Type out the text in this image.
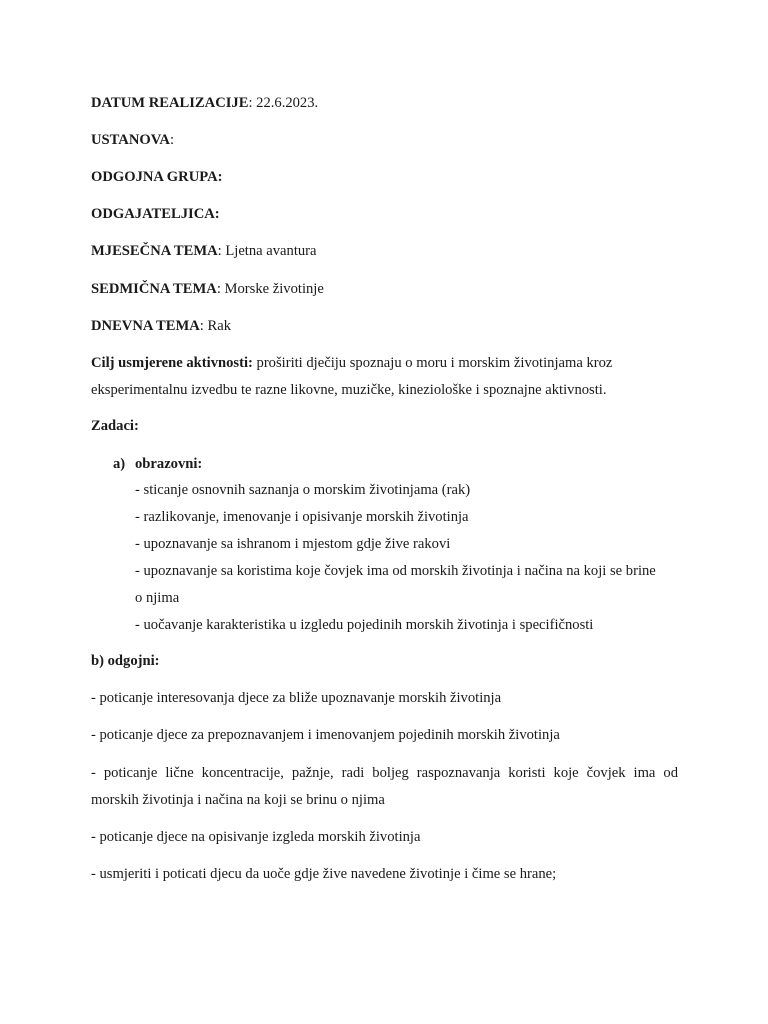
DATUM REALIZACIJE: 22.6.2023.
USTANOVA:
ODGOJNA GRUPA:
ODGAJATELJICA:
MJESEČNA TEMA: Ljetna avantura
SEDMIČNA TEMA: Morske životinje
DNEVNA TEMA: Rak
Cilj usmjerene aktivnosti: proširiti dječiju spoznaju o moru i morskim životinjama kroz
eksperimentalnu izvedbu te razne likovne, muzičke, kineziološke i spoznajne aktivnosti.
Zadaci:
a) obrazovni:
- sticanje osnovnih saznanja o morskim životinjama (rak)
- razlikovanje, imenovanje i opisivanje morskih životinja
- upoznavanje sa ishranom i mjestom gdje žive rakovi
- upoznavanje sa koristima koje čovjek ima od morskih životinja i načina na koji se brine
o njima
- uočavanje karakteristika u izgledu pojedinih morskih životinja i specifičnosti
b) odgojni:
- poticanje interesovanja djece za bliže upoznavanje morskih životinja
- poticanje djece za prepoznavanjem i imenovanjem pojedinih morskih životinja
- poticanje lične koncentracije, pažnje, radi boljeg raspoznavanja koristi koje čovjek ima od
morskih životinja i načina na koji se brinu o njima
- poticanje djece na opisivanje izgleda morskih životinja
- usmjeriti i poticati djecu da uoče gdje žive navedene životinje i čime se hrane;
